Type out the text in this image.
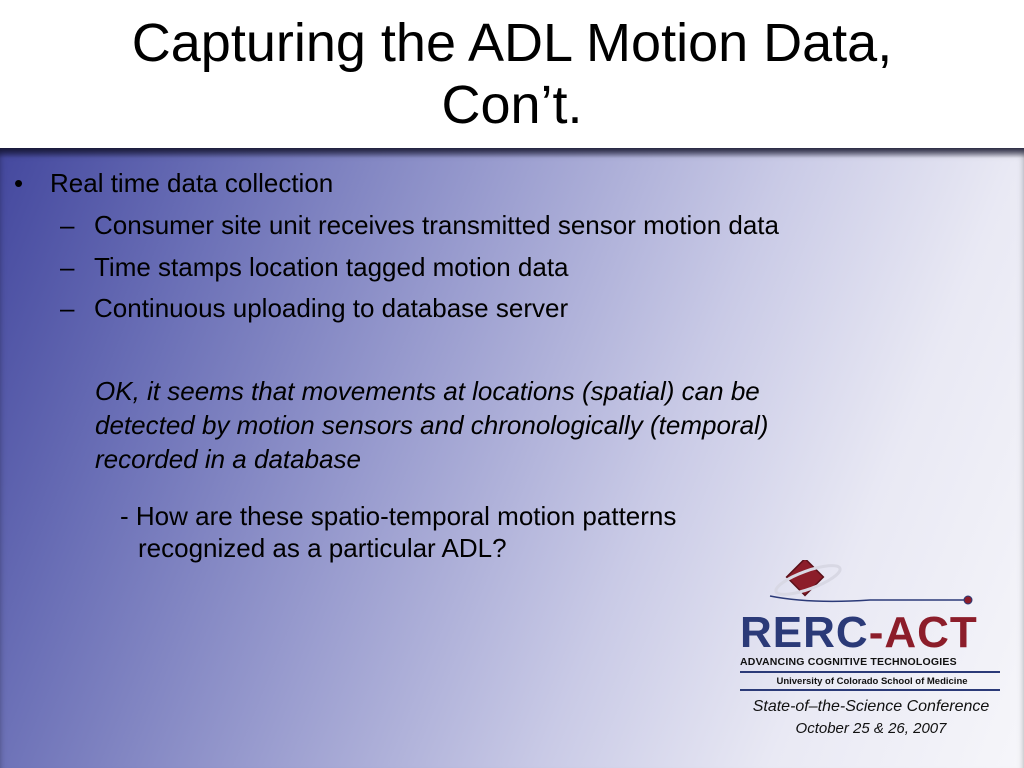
Capturing the ADL Motion Data,
Con’t.
• Real time data collection
– Consumer site unit receives transmitted sensor motion data
– Time stamps location tagged motion data
– Continuous uploading to database server
OK, it seems that movements at locations (spatial) can be
detected by motion sensors and chronologically (temporal)
recorded in a database
- How are these spatio-temporal motion patterns
recognized as a particular ADL?
RERC-ACT
ADVANCING COGNITIVE TECHNOLOGIES
University of Colorado School of Medicine
State-of–the-Science Conference
October 25 & 26, 2007
